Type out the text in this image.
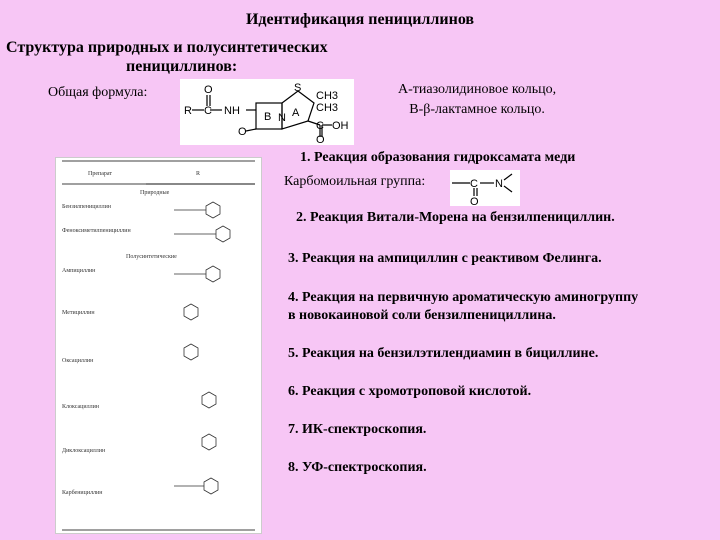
Идентификация пенициллинов
Структура природных и полусинтетических
пенициллинов:
Общая формула:
R C NH
O	S
CH3
CH3
N
B A
O	C OH
O
А-тиазолидиновое кольцо,
В-β-лактамное кольцо.
Препарат	R
Природные
Полусинтетические
Бензилпенициллин
Феноксиметилпенициллин
Ампициллин
Метициллин
Оксациллин
Клоксациллин
Диклоксациллин
Карбенициллин
1. Реакция образования гидроксамата меди
Карбомоильная группа:	C N
O
2. Реакция Витали-Морена на бензилпенициллин.
3. Реакция на ампициллин с реактивом Фелинга.
4. Реакция на первичную ароматическую аминогруппу
в новокаиновой соли бензилпенициллина.
5. Реакция на бензилэтилендиамин в бициллине.
6. Реакция с хромотроповой кислотой.
7. ИК-спектроскопия.
8. УФ-спектроскопия.
